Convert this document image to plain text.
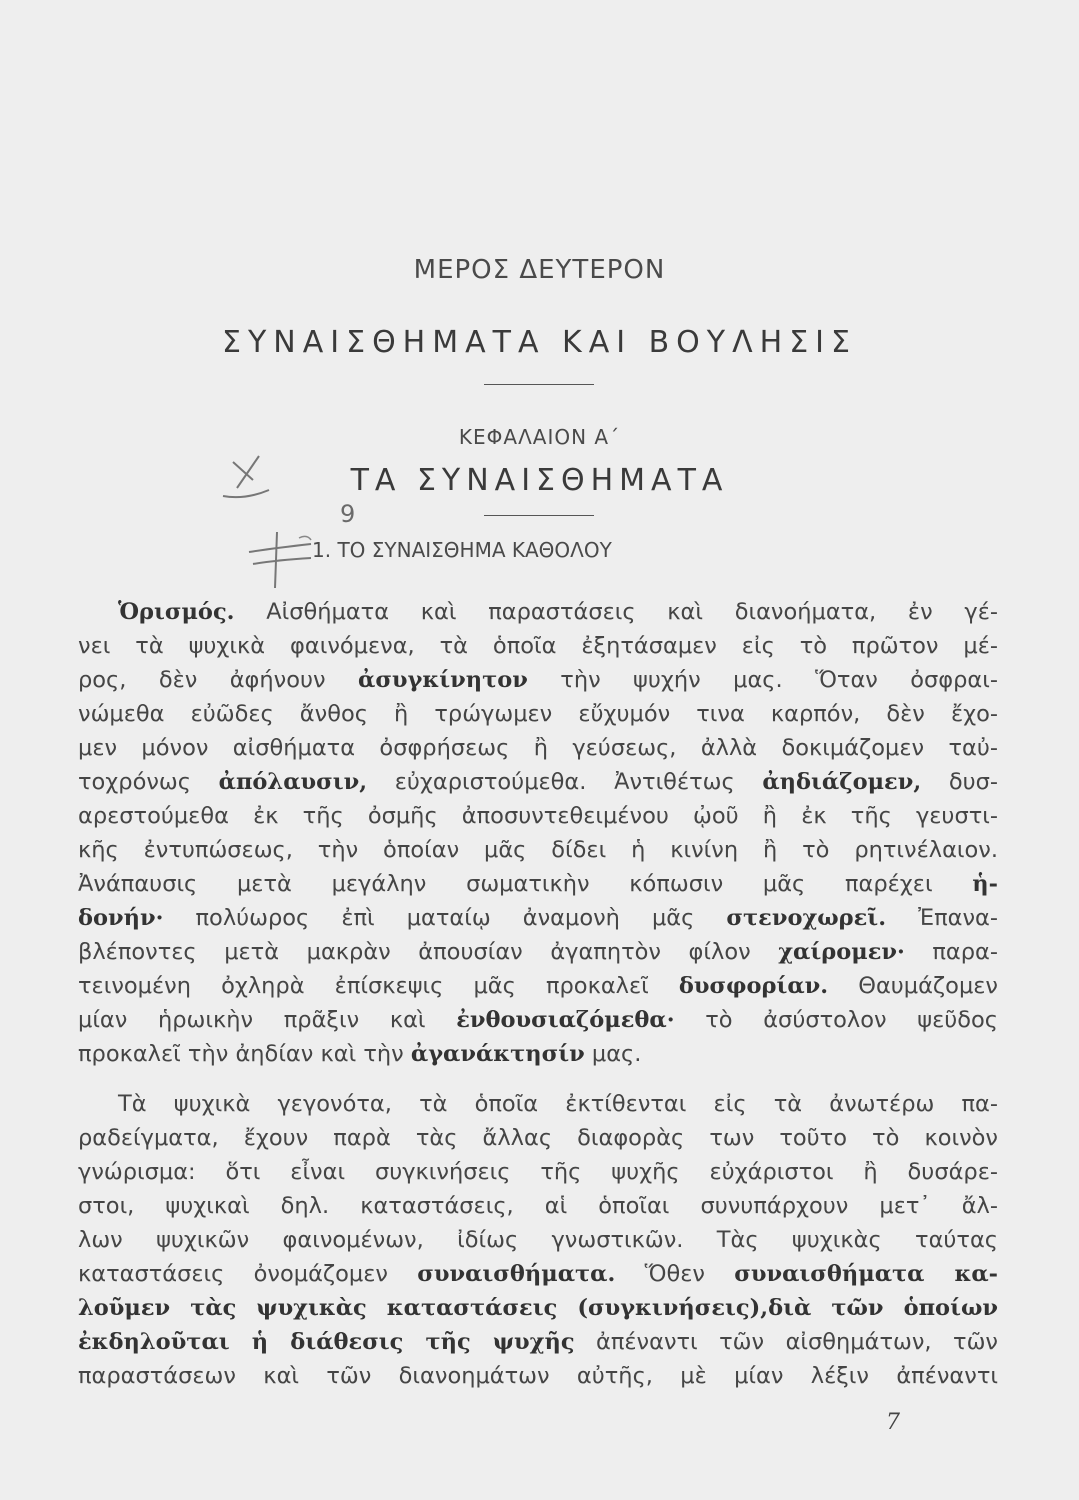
ΜΕΡΟΣ ΔΕΥΤΕΡΟΝ
ΣΥΝΑΙΣΘΗΜΑΤΑ ΚΑΙ ΒΟΥΛΗΣΙΣ
ΚΕΦΑΛΑΙΟΝ Α΄
ΤΑ ΣΥΝΑΙΣΘΗΜΑΤΑ
9
1. ΤΟ ΣΥΝΑΙΣΘΗΜΑ ΚΑΘΟΛΟΥ
Ὁρισμός. Αἰσθήματα καὶ παραστάσεις καὶ διανοήματα, ἐν γέ-
νει τὰ ψυχικὰ φαινόμενα, τὰ ὁποῖα ἐξητάσαμεν εἰς τὸ πρῶτον μέ-
ρος, δὲν ἀφήνουν ἀσυγκίνητον τὴν ψυχήν μας. Ὅταν ὀσφραι-
νώμεθα εὐῶδες ἄνθος ἢ τρώγωμεν εὔχυμόν τινα καρπόν, δὲν ἔχο-
μεν μόνον αἰσθήματα ὀσφρήσεως ἢ γεύσεως, ἀλλὰ δοκιμάζομεν ταὐ-
τοχρόνως ἀπόλαυσιν, εὐχαριστούμεθα. Ἀντιθέτως ἀηδιάζομεν, δυσ-
αρεστούμεθα ἐκ τῆς ὀσμῆς ἀποσυντεθειμένου ᾠοῦ ἢ ἐκ τῆς γευστι-
κῆς ἐντυπώσεως, τὴν ὁποίαν μᾶς δίδει ἡ κινίνη ἢ τὸ ρητινέλαιον.
Ἀνάπαυσις μετὰ μεγάλην σωματικὴν κόπωσιν μᾶς παρέχει ἡ-
δονήν· πολύωρος ἐπὶ ματαίῳ ἀναμονὴ μᾶς στενοχωρεῖ. Ἐπανα-
βλέποντες μετὰ μακρὰν ἀπουσίαν ἀγαπητὸν φίλον χαίρομεν· παρα-
τεινομένη ὀχληρὰ ἐπίσκεψις μᾶς προκαλεῖ δυσφορίαν. Θαυμάζομεν
μίαν ἡρωικὴν πρᾶξιν καὶ ἐνθουσιαζόμεθα· τὸ ἀσύστολον ψεῦδος
προκαλεῖ τὴν ἀηδίαν καὶ τὴν ἀγανάκτησίν μας.
Τὰ ψυχικὰ γεγονότα, τὰ ὁποῖα ἐκτίθενται εἰς τὰ ἀνωτέρω πα-
ραδείγματα, ἔχουν παρὰ τὰς ἄλλας διαφορὰς των τοῦτο τὸ κοινὸν
γνώρισμα: ὅτι εἶναι συγκινήσεις τῆς ψυχῆς εὐχάριστοι ἢ δυσάρε-
στοι, ψυχικαὶ δηλ. καταστάσεις, αἱ ὁποῖαι συνυπάρχουν μετ᾿ ἄλ-
λων ψυχικῶν φαινομένων, ἰδίως γνωστικῶν. Τὰς ψυχικὰς ταύτας
καταστάσεις ὀνομάζομεν συναισθήματα. Ὅθεν συναισθήματα κα-
λοῦμεν τὰς ψυχικὰς καταστάσεις (συγκινήσεις),διὰ τῶν ὁποίων
ἐκδηλοῦται ἡ διάθεσις τῆς ψυχῆς ἀπέναντι τῶν αἰσθημάτων, τῶν
παραστάσεων καὶ τῶν διανοημάτων αὐτῆς, μὲ μίαν λέξιν ἀπέναντι
7
